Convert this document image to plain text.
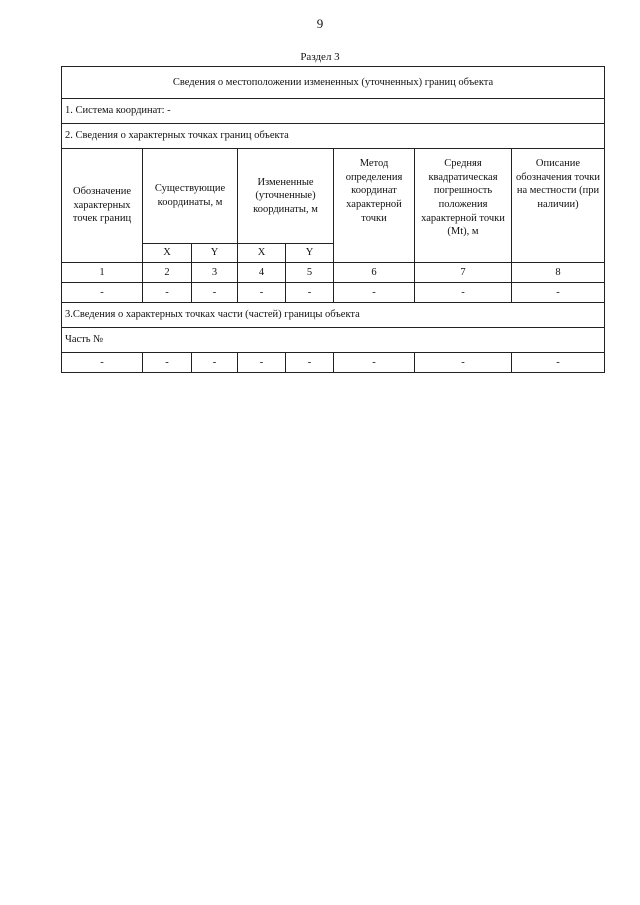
9
Раздел 3
Сведения о местоположении измененных (уточненных) границ объекта							
1. Система координат: -							
2. Сведения о характерных точках границ объекта							
Обозначение характерных точек границ	Существующие координаты, м		Измененные (уточненные) координаты, м		Метод определения координат характерной точки	Средняя квадратическая погрешность положения характерной точки (Mt), м	Описание обозначения точки на местности (при наличии)
	X	Y	X	Y			
1	2	3	4	5	6	7	8
-	-	-	-	-	-	-	-
3.Сведения о характерных точках части (частей) границы объекта							
Часть №							
-	-	-	-	-	-	-	-
